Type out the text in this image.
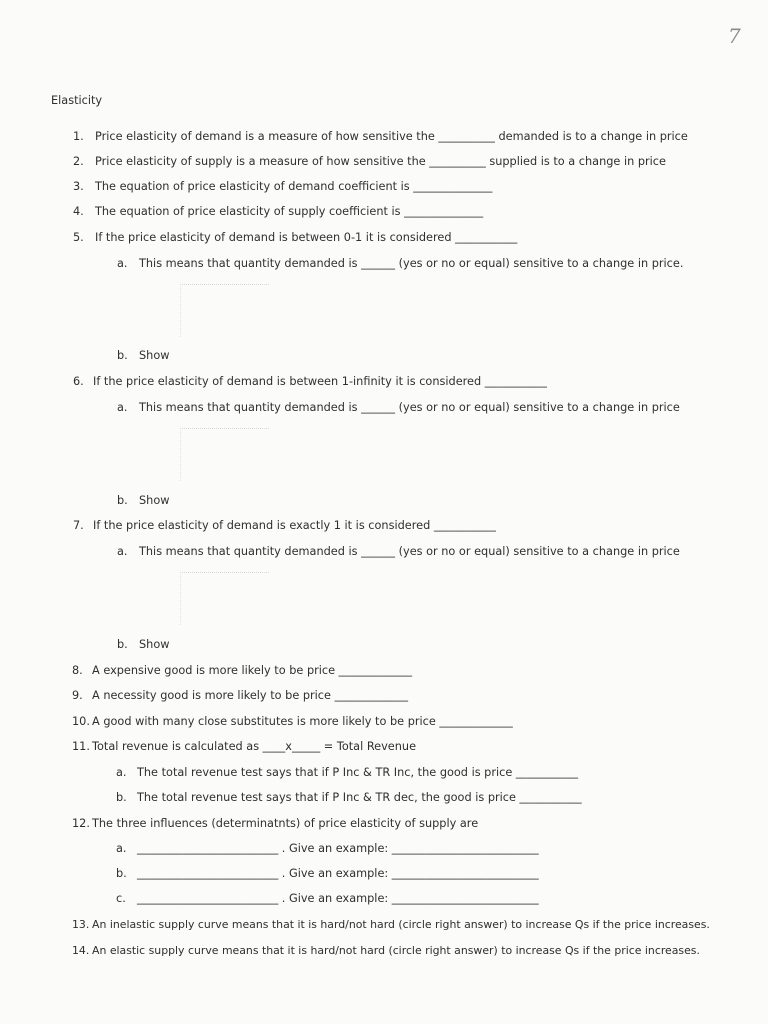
7
Elasticity
1. Price elasticity of demand is a measure of how sensitive the __________ demanded is to a change in price
2. Price elasticity of supply is a measure of how sensitive the __________ supplied is to a change in price
3. The equation of price elasticity of demand coefficient is ______________
4. The equation of price elasticity of supply coefficient is ______________
5. If the price elasticity of demand is between 0-1 it is considered ___________
a. This means that quantity demanded is ______ (yes or no or equal) sensitive to a change in price.
b. Show
6. If the price elasticity of demand is between 1-infinity it is considered ___________
a. This means that quantity demanded is ______ (yes or no or equal) sensitive to a change in price
b. Show
7. If the price elasticity of demand is exactly 1 it is considered ___________
a. This means that quantity demanded is ______ (yes or no or equal) sensitive to a change in price
b. Show
8. A expensive good is more likely to be price _____________
9. A necessity good is more likely to be price _____________
10. A good with many close substitutes is more likely to be price _____________
11. Total revenue is calculated as ____x_____ = Total Revenue
a. The total revenue test says that if P Inc & TR Inc, the good is price ___________
b. The total revenue test says that if P Inc & TR dec, the good is price ___________
12. The three influences (determinatnts) of price elasticity of supply are
a. _________________________ . Give an example: __________________________
b. _________________________ . Give an example: __________________________
c. _________________________ . Give an example: __________________________
13. An inelastic supply curve means that it is hard/not hard (circle right answer) to increase Qs if the price increases.
14. An elastic supply curve means that it is hard/not hard (circle right answer) to increase Qs if the price increases.
